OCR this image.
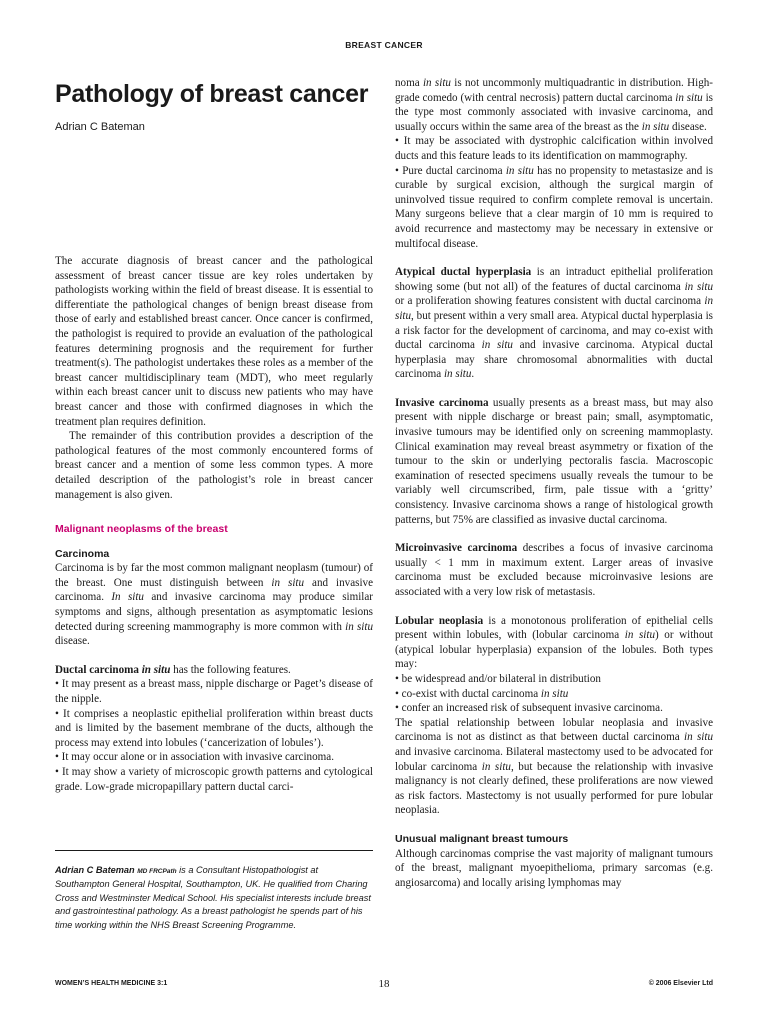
BREAST CANCER
Pathology of breast cancer
Adrian C Bateman

The accurate diagnosis of breast cancer and the pathological assessment of breast cancer tissue are key roles undertaken by pathologists working within the field of breast disease. It is essential to differentiate the pathological changes of benign breast disease from those of early and established breast cancer. Once cancer is confirmed, the pathologist is required to provide an evaluation of the pathological features determining prognosis and the requirement for further treatment(s). The pathologist undertakes these roles as a member of the breast cancer multidisciplinary team (MDT), who meet regularly within each breast cancer unit to discuss new patients who may have breast cancer and those with confirmed diagnoses in which the treatment plan requires definition.

The remainder of this contribution provides a description of the pathological features of the most commonly encountered forms of breast cancer and a mention of some less common types. A more detailed description of the pathologist’s role in breast cancer management is also given.

Malignant neoplasms of the breast
Carcinoma

Carcinoma is by far the most common malignant neoplasm (tumour) of the breast. One must distinguish between in situ and invasive carcinoma. In situ and invasive carcinoma may produce similar symptoms and signs, although presentation as asymptomatic lesions detected during screening mammography is more common with in situ disease.

Ductal carcinoma in situ has the following features.

• It may present as a breast mass, nipple discharge or Paget’s disease of the nipple.

• It comprises a neoplastic epithelial proliferation within breast ducts and is limited by the basement membrane of the ducts, although the process may extend into lobules (‘cancerization of lobules’).

• It may occur alone or in association with invasive carcinoma.

• It may show a variety of microscopic growth patterns and cytological grade. Low-grade micropapillary pattern ductal carci-

Adrian C Bateman MD FRCPath is a Consultant Histopathologist at Southampton General Hospital, Southampton, UK. He qualified from Charing Cross and Westminster Medical School. His specialist interests include breast and gastrointestinal pathology. As a breast pathologist he spends part of his time working within the NHS Breast Screening Programme.

noma in situ is not uncommonly multiquadrantic in distribution. High-grade comedo (with central necrosis) pattern ductal carcinoma in situ is the type most commonly associated with invasive carcinoma, and usually occurs within the same area of the breast as the in situ disease.

• It may be associated with dystrophic calcification within involved ducts and this feature leads to its identification on mammography.

• Pure ductal carcinoma in situ has no propensity to metastasize and is curable by surgical excision, although the surgical margin of uninvolved tissue required to confirm complete removal is uncertain. Many surgeons believe that a clear margin of 10 mm is required to avoid recurrence and mastectomy may be necessary in extensive or multifocal disease.

Atypical ductal hyperplasia is an intraduct epithelial proliferation showing some (but not all) of the features of ductal carcinoma in situ or a proliferation showing features consistent with ductal carcinoma in situ, but present within a very small area. Atypical ductal hyperplasia is a risk factor for the development of carcinoma, and may co-exist with ductal carcinoma in situ and invasive carcinoma. Atypical ductal hyperplasia may share chromosomal abnormalities with ductal carcinoma in situ.

Invasive carcinoma usually presents as a breast mass, but may also present with nipple discharge or breast pain; small, asymptomatic, invasive tumours may be identified only on screening mammoplasty. Clinical examination may reveal breast asymmetry or fixation of the tumour to the skin or underlying pectoralis fascia. Macroscopic examination of resected specimens usually reveals the tumour to be variably well circumscribed, firm, pale tissue with a ‘gritty’ consistency. Invasive carcinoma shows a range of histological growth patterns, but 75% are classified as invasive ductal carcinoma.

Microinvasive carcinoma describes a focus of invasive carcinoma usually < 1 mm in maximum extent. Larger areas of invasive carcinoma must be excluded because microinvasive lesions are associated with a very low risk of metastasis.

Lobular neoplasia is a monotonous proliferation of epithelial cells present within lobules, with (lobular carcinoma in situ) or without (atypical lobular hyperplasia) expansion of the lobules. Both types may:

• be widespread and/or bilateral in distribution

• co-exist with ductal carcinoma in situ

• confer an increased risk of subsequent invasive carcinoma.

The spatial relationship between lobular neoplasia and invasive carcinoma is not as distinct as that between ductal carcinoma in situ and invasive carcinoma. Bilateral mastectomy used to be advocated for lobular carcinoma in situ, but because the relationship with invasive malignancy is not clearly defined, these proliferations are now viewed as risk factors. Mastectomy is not usually performed for pure lobular neoplasia.

Unusual malignant breast tumours

Although carcinomas comprise the vast majority of malignant tumours of the breast, malignant myoepithelioma, primary sarcomas (e.g. angiosarcoma) and locally arising lymphomas may

WOMEN’S HEALTH MEDICINE 3:1	18	© 2006 Elsevier Ltd
